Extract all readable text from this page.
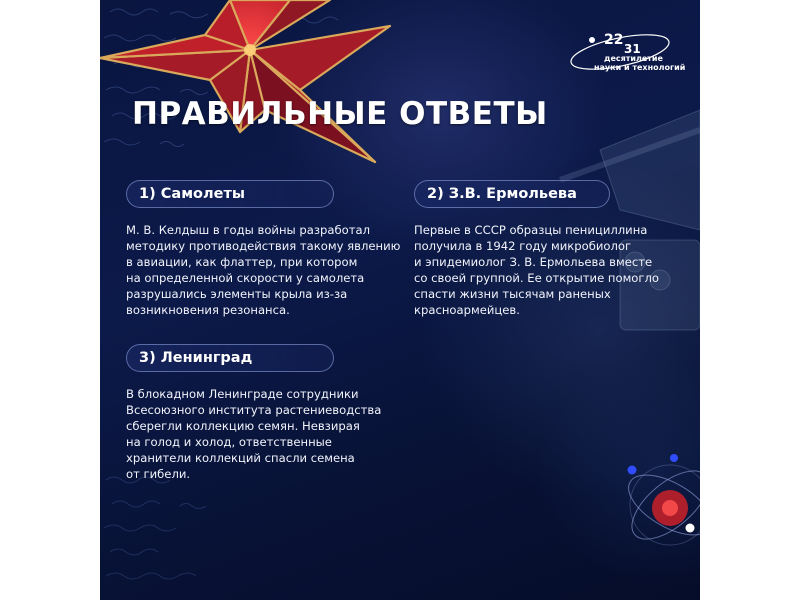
22
31
десятилетие
науки и технологий
ПРАВИЛЬНЫЕ ОТВЕТЫ
1) Самолеты

М. В. Келдыш в годы войны разработал
методику противодействия такому явлению
в авиации, как флаттер, при котором
на определенной скорости у самолета
разрушались элементы крыла из-за
возникновения резонанса.

2) З.В. Ермольева

Первые в СССР образцы пенициллина
получила в 1942 году микробиолог
и эпидемиолог З. В. Ермольева вместе
со своей группой. Ее открытие помогло
спасти жизни тысячам раненых
красноармейцев.

3) Ленинград

В блокадном Ленинграде сотрудники
Всесоюзного института растениеводства
сберегли коллекцию семян. Невзирая
на голод и холод, ответственные
хранители коллекций спасли семена
от гибели.
